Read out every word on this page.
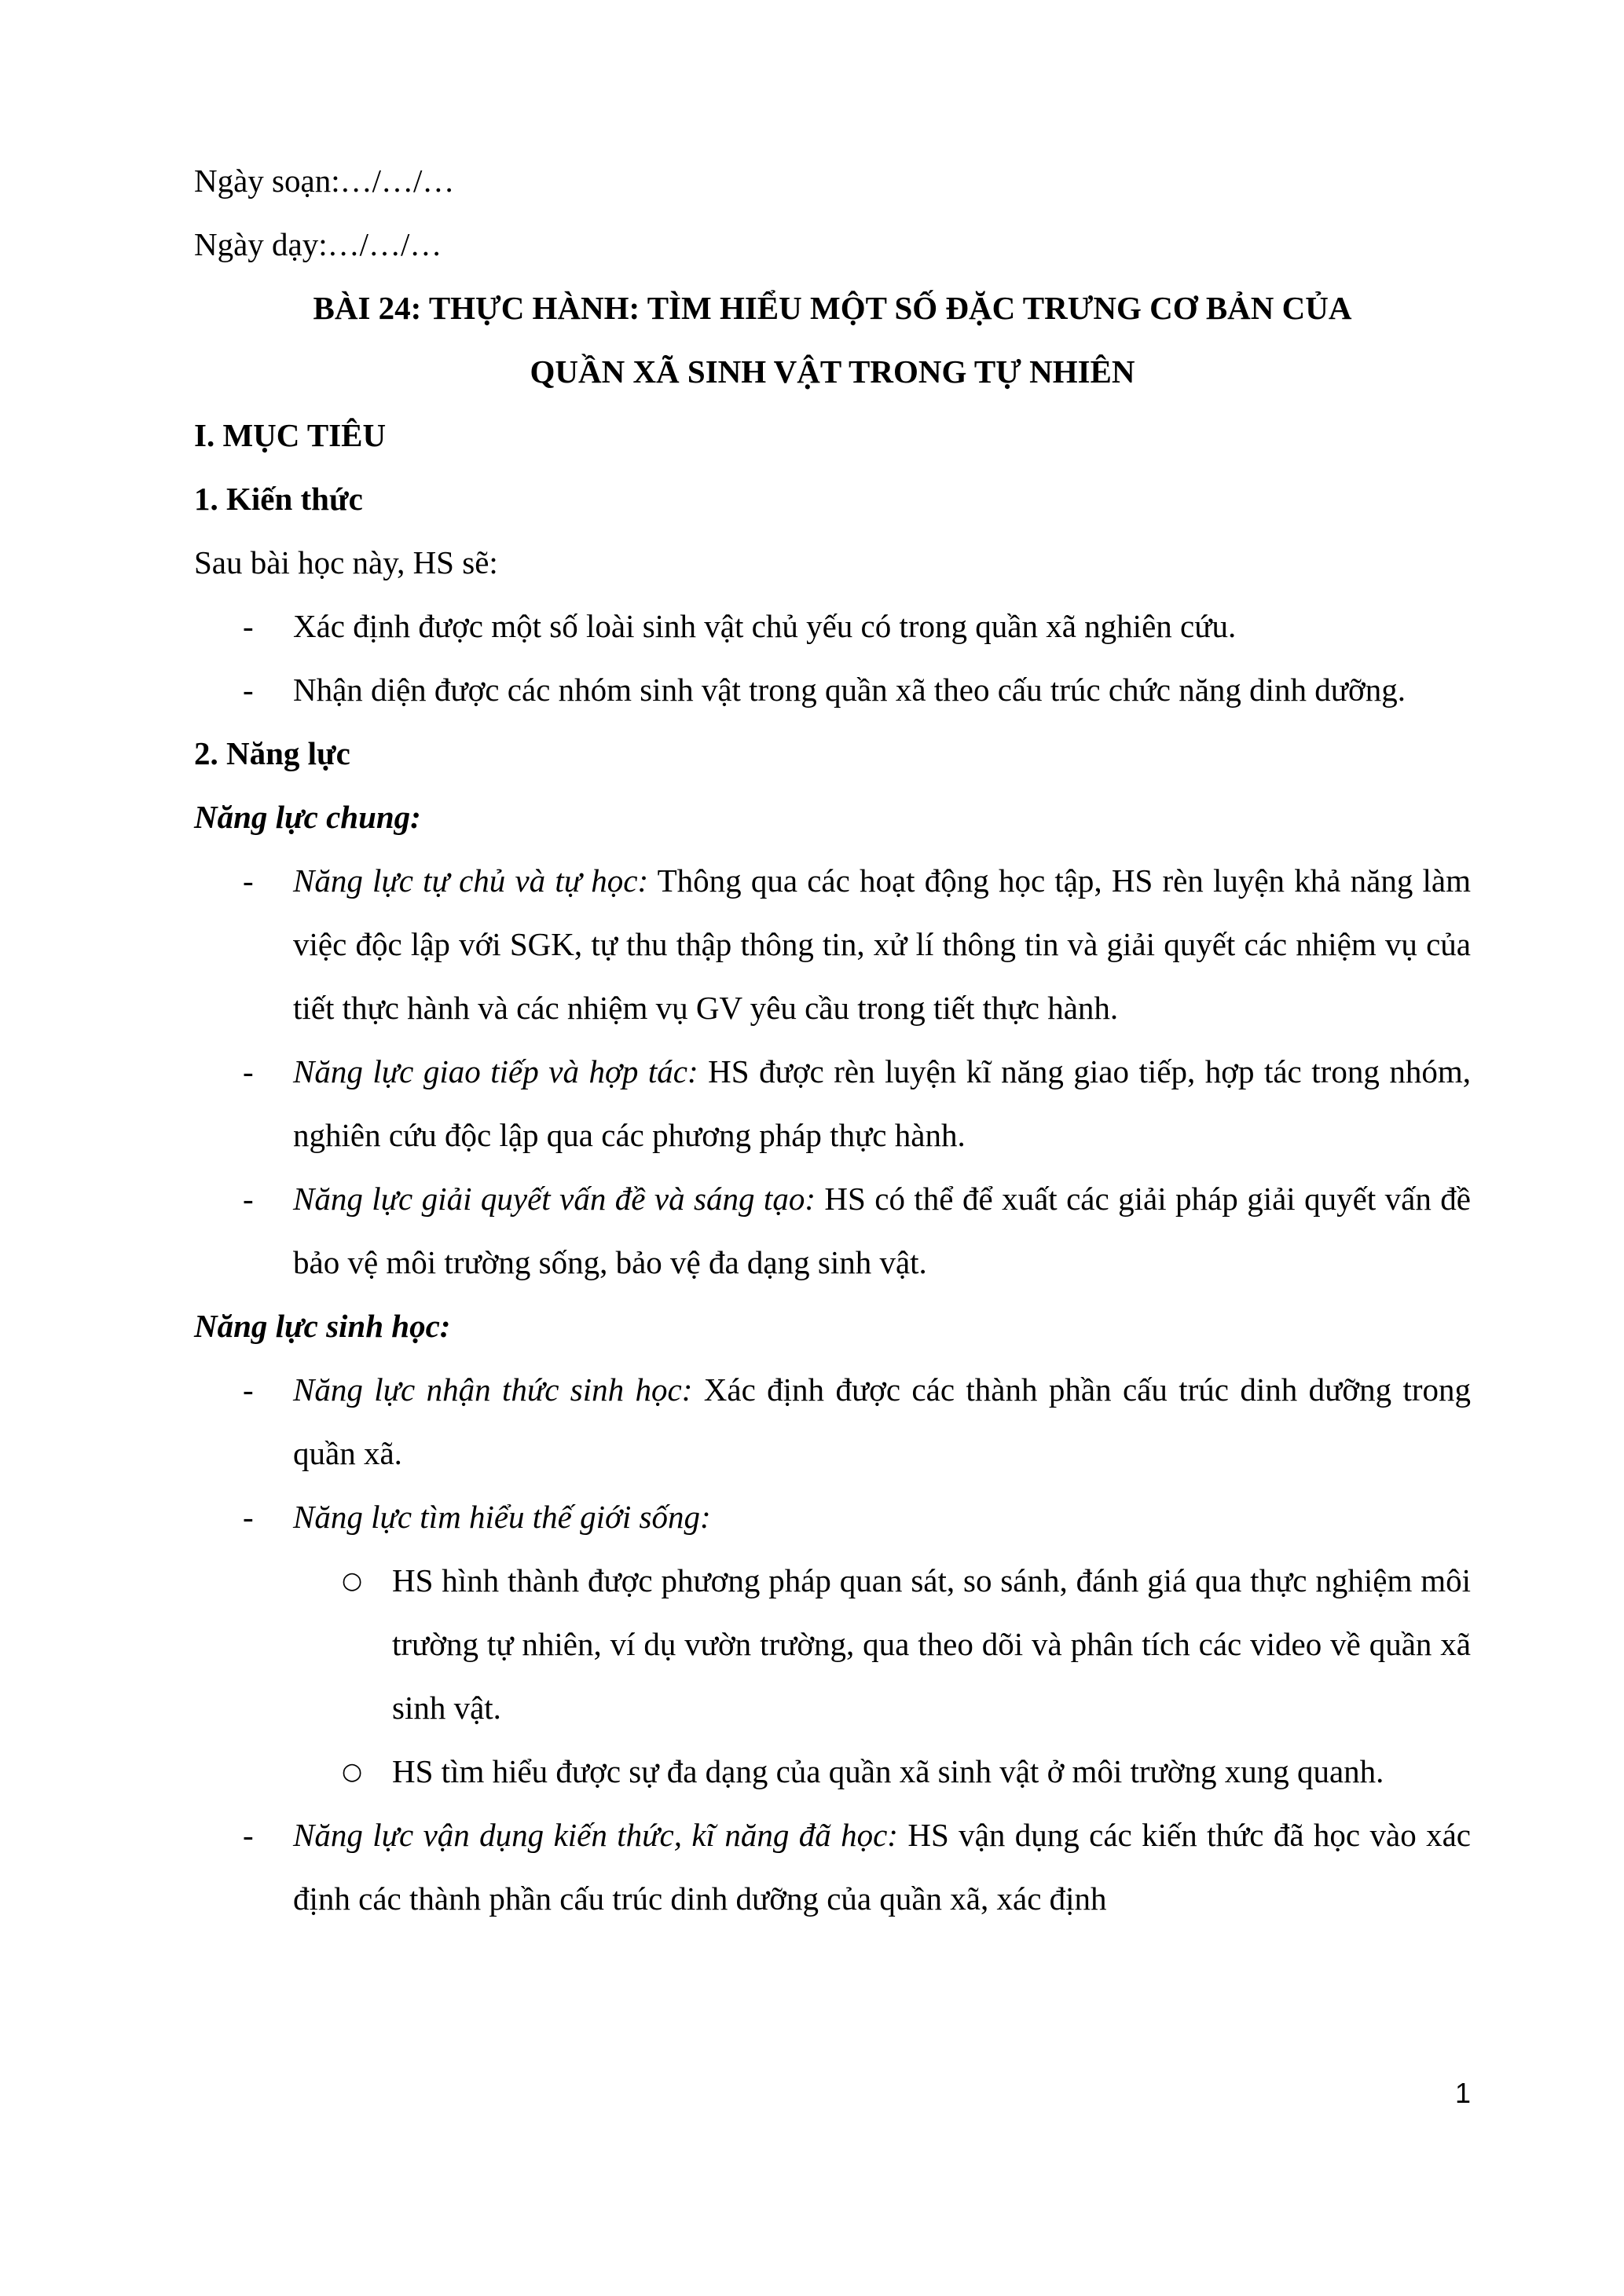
Ngày soạn:…/…/…

Ngày dạy:…/…/…

BÀI 24: THỰC HÀNH: TÌM HIỂU MỘT SỐ ĐẶC TRƯNG CƠ BẢN CỦA

QUẦN XÃ SINH VẬT TRONG TỰ NHIÊN

I. MỤC TIÊU

1. Kiến thức

Sau bài học này, HS sẽ:

- Xác định được một số loài sinh vật chủ yếu có trong quần xã nghiên cứu.
- Nhận diện được các nhóm sinh vật trong quần xã theo cấu trúc chức năng dinh dưỡng.

2. Năng lực

Năng lực chung:

- Năng lực tự chủ và tự học: Thông qua các hoạt động học tập, HS rèn luyện khả năng làm việc độc lập với SGK, tự thu thập thông tin, xử lí thông tin và giải quyết các nhiệm vụ của tiết thực hành và các nhiệm vụ GV yêu cầu trong tiết thực hành.
- Năng lực giao tiếp và hợp tác: HS được rèn luyện kĩ năng giao tiếp, hợp tác trong nhóm, nghiên cứu độc lập qua các phương pháp thực hành.
- Năng lực giải quyết vấn đề và sáng tạo: HS có thể để xuất các giải pháp giải quyết vấn đề bảo vệ môi trường sống, bảo vệ đa dạng sinh vật.

Năng lực sinh học:

- Năng lực nhận thức sinh học: Xác định được các thành phần cấu trúc dinh dưỡng trong quần xã.
- Năng lực tìm hiểu thế giới sống:
○ HS hình thành được phương pháp quan sát, so sánh, đánh giá qua thực nghiệm môi trường tự nhiên, ví dụ vườn trường, qua theo dõi và phân tích các video về quần xã sinh vật.
○ HS tìm hiểu được sự đa dạng của quần xã sinh vật ở môi trường xung quanh.
- Năng lực vận dụng kiến thức, kĩ năng đã học: HS vận dụng các kiến thức đã học vào xác định các thành phần cấu trúc dinh dưỡng của quần xã, xác định
1
